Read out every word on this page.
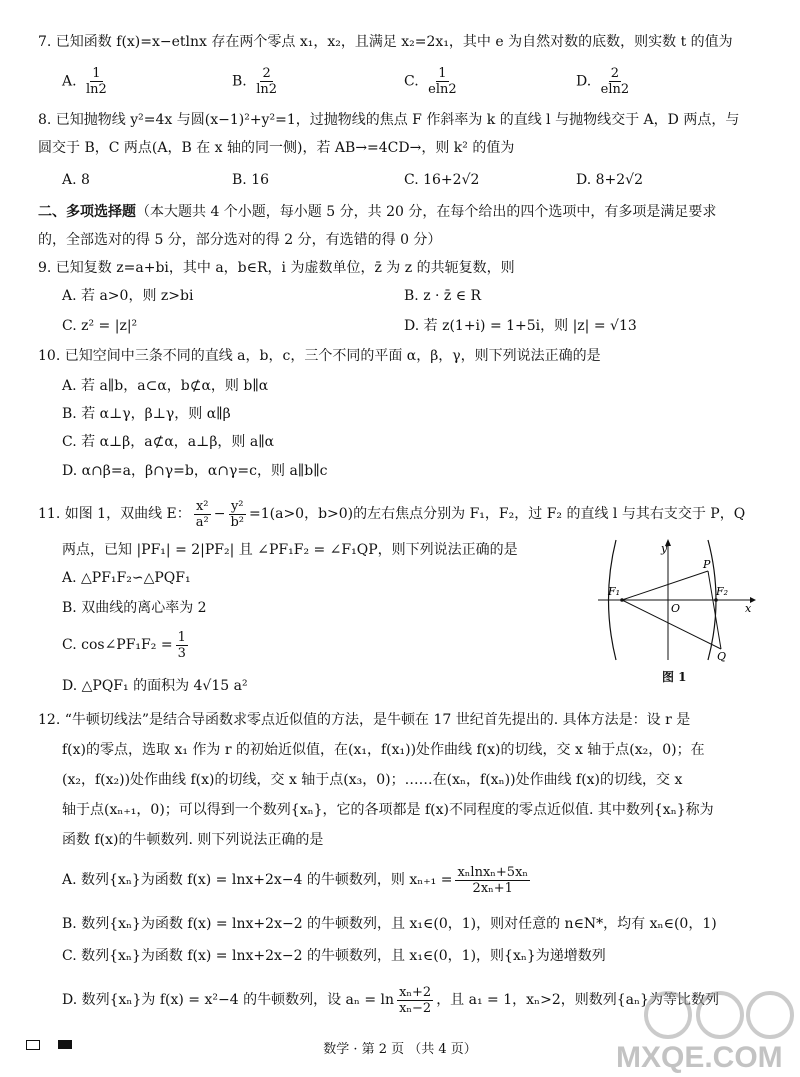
7. 已知函数 f(x)=x−etlnx 存在两个零点 x₁，x₂，且满足 x₂=2x₁，其中 e 为自然对数的底数，则实数 t 的值为
A. $\frac{1}{\ln 2}$	B. $\frac{2}{\ln 2}$	C. $\frac{1}{eln2}$	D. $\frac{2}{eln2}$
8. 已知抛物线 y²=4x 与圆(x−1)²+y²=1，过抛物线的焦点 F 作斜率为 k 的直线 l 与抛物线交于 A，D 两点，与
圆交于 B，C 两点(A，B 在 x 轴的同一侧)，若 AB→=4CD→，则 k² 的值为
A. 8	B. 16	C. 16+2√2	D. 8+2√2
二、多项选择题（本大题共 4 个小题，每小题 5 分，共 20 分，在每个给出的四个选项中，有多项是满足要求
的，全部选对的得 5 分，部分选对的得 2 分，有选错的得 0 分）
9. 已知复数 z=a+bi，其中 a，b∈R，i 为虚数单位，z̄ 为 z 的共轭复数，则
A. 若 a>0，则 z>bi	B. z · z̄ ∈ R
C. z² = |z|²	D. 若 z(1+i) = 1+5i，则 |z| = √13
10. 已知空间中三条不同的直线 a，b，c，三个不同的平面 α，β，γ，则下列说法正确的是
A. 若 a∥b，a⊂α，b⊄α，则 b∥α
B. 若 α⊥γ，β⊥γ，则 α∥β
C. 若 α⊥β，a⊄α，a⊥β，则 a∥α
D. α∩β=a，β∩γ=b，α∩γ=c，则 a∥b∥c
11. 如图 1，双曲线 E： $\frac{\text{x²}}{\text{a²}} - \frac{\text{y²}}{\text{b²}} =1(a>0$，b>0)的左右焦点分别为 F₁，F₂，过 F₂ 的直线 l 与其右支交于 P，Q
两点，已知 |PF₁| = 2|PF₂| 且 ∠PF₁F₂ = ∠F₁QP，则下列说法正确的是
A. △PF₁F₂∽△PQF₁
B. 双曲线的离心率为 2
C. cos∠PF₁F₂ = $\frac{1}{3}$
D. △PQF₁ 的面积为 4√15 a²
y
x
O
P
Q
F₁	F₂
图 1
12. “牛顿切线法”是结合导函数求零点近似值的方法，是牛顿在 17 世纪首先提出的. 具体方法是：设 r 是
f(x)的零点，选取 x₁ 作为 r 的初始近似值，在(x₁，f(x₁))处作曲线 f(x)的切线，交 x 轴于点(x₂，0)；在
(x₂，f(x₂))处作曲线 f(x)的切线，交 x 轴于点(x₃，0)；……在(xₙ，f(xₙ))处作曲线 f(x)的切线，交 x
轴于点(xₙ₊₁，0)；可以得到一个数列{xₙ}，它的各项都是 f(x)不同程度的零点近似值. 其中数列{xₙ}称为
函数 f(x)的牛顿数列. 则下列说法正确的是
A. 数列{xₙ}为函数 f(x) = lnx+2x−4 的牛顿数列，则 $x_{n+1} = \frac{\text{xₙlnxₙ+5xₙ}}{\text{2xₙ+1}}$
B. 数列{xₙ}为函数 f(x) = lnx+2x−2 的牛顿数列，且 x₁∈(0，1)，则对任意的 n∈N*，均有 xₙ∈(0，1)
C. 数列{xₙ}为函数 f(x) = lnx+2x−2 的牛顿数列，且 x₁∈(0，1)，则{xₙ}为递增数列
D. 数列{xₙ}为 f(x) = x²−4 的牛顿数列，设 $a_n = \ln \frac{\text{xₙ+2}}{\text{xₙ−2}}$ ，且 a₁ = 1，xₙ>2，则数列{aₙ}为等比数列
数学 · 第 2 页 （共 4 页）	MXQE.COM
